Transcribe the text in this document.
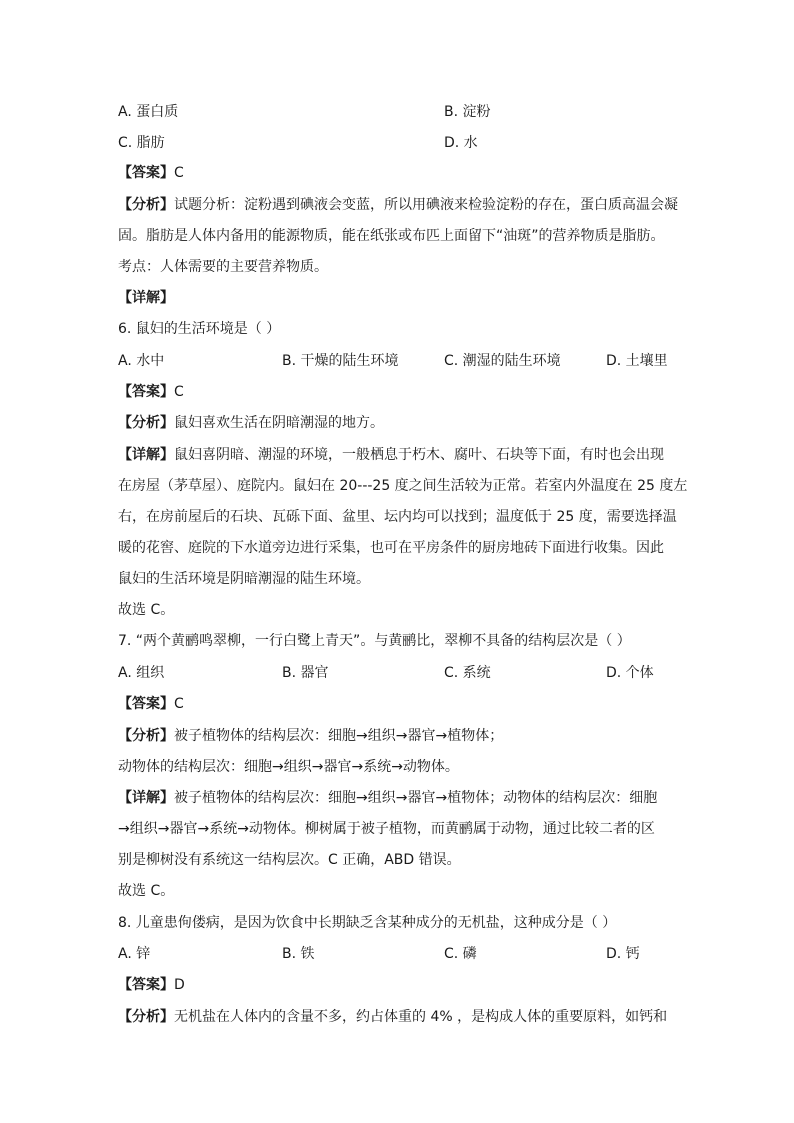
A. 蛋白质	B. 淀粉
C. 脂肪	D. 水
【答案】C
【分析】试题分析：淀粉遇到碘液会变蓝，所以用碘液来检验淀粉的存在，蛋白质高温会凝
固。脂肪是人体内备用的能源物质，能在纸张或布匹上面留下“油斑”的营养物质是脂肪。
考点：人体需要的主要营养物质。
【详解】
6. 鼠妇的生活环境是（ ）
A. 水中	B. 干燥的陆生环境	C. 潮湿的陆生环境	D. 土壤里
【答案】C
【分析】鼠妇喜欢生活在阴暗潮湿的地方。
【详解】鼠妇喜阴暗、潮湿的环境，一般栖息于朽木、腐叶、石块等下面，有时也会出现
在房屋（茅草屋）、庭院内。鼠妇在 20---25 度之间生活较为正常。若室内外温度在 25 度左
右，在房前屋后的石块、瓦砾下面、盆里、坛内均可以找到；温度低于 25 度，需要选择温
暖的花窖、庭院的下水道旁边进行采集，也可在平房条件的厨房地砖下面进行收集。因此
鼠妇的生活环境是阴暗潮湿的陆生环境。
故选 C。
7. “两个黄鹂鸣翠柳，一行白鹭上青天”。与黄鹂比，翠柳不具备的结构层次是（ ）
A. 组织	B. 器官	C. 系统	D. 个体
【答案】C
【分析】被子植物体的结构层次：细胞→组织→器官→植物体；
动物体的结构层次：细胞→组织→器官→系统→动物体。
【详解】被子植物体的结构层次：细胞→组织→器官→植物体；动物体的结构层次：细胞
→组织→器官→系统→动物体。柳树属于被子植物，而黄鹂属于动物，通过比较二者的区
别是柳树没有系统这一结构层次。C 正确，ABD 错误。
故选 C。
8. 儿童患佝偻病，是因为饮食中长期缺乏含某种成分的无机盐，这种成分是（ ）
A. 锌	B. 铁	C. 磷	D. 钙
【答案】D
【分析】无机盐在人体内的含量不多，约占体重的 4% ，是构成人体的重要原料，如钙和
